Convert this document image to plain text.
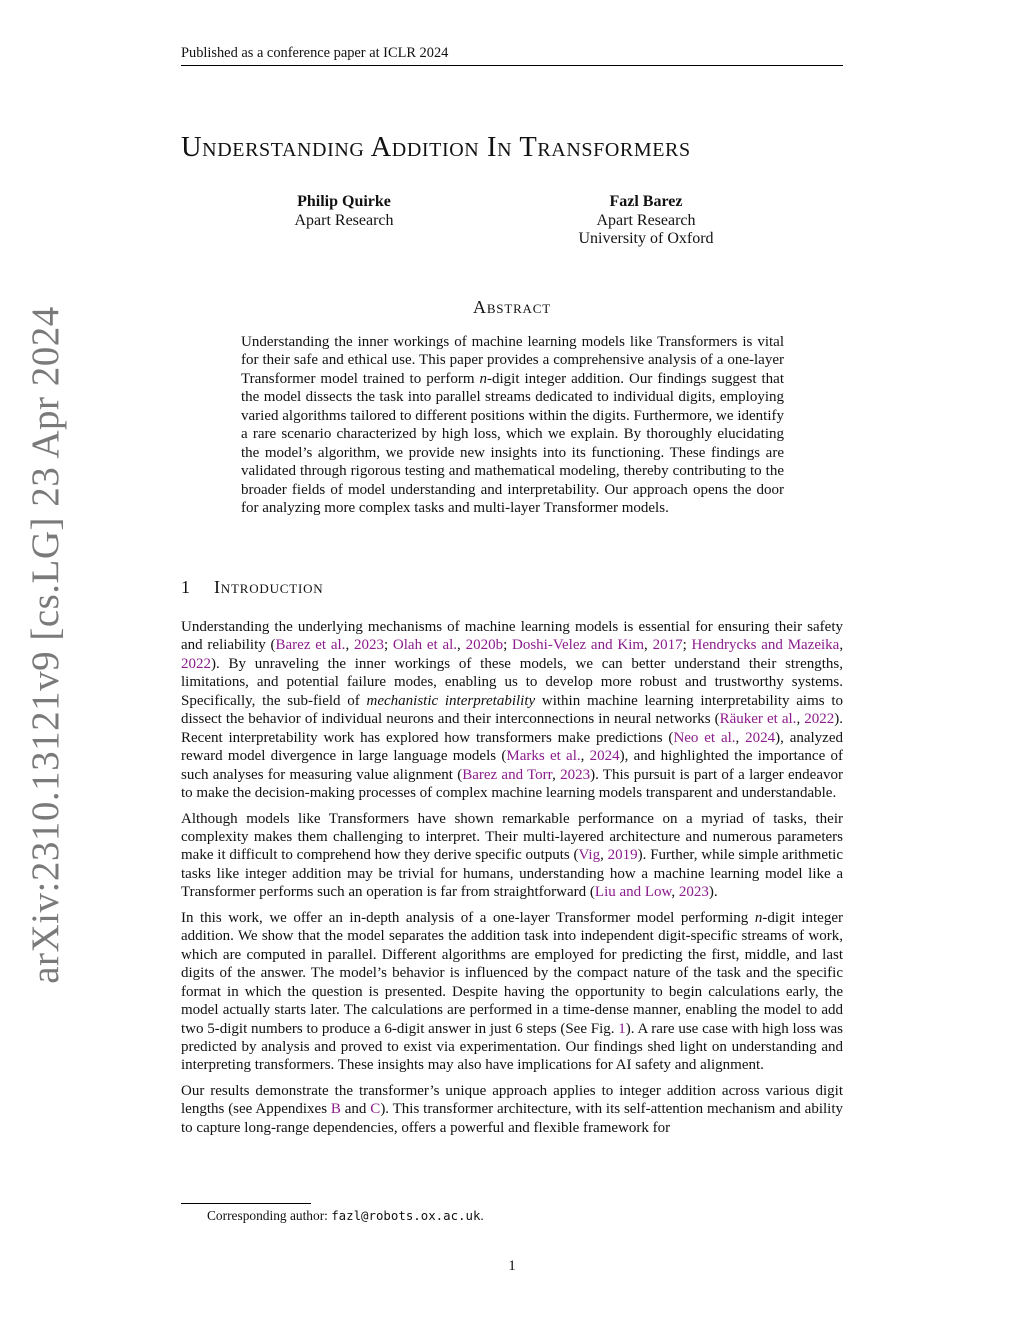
Published as a conference paper at ICLR 2024
arXiv:2310.13121v9 [cs.LG] 23 Apr 2024
Understanding Addition In Transformers
Philip Quirke
Apart Research
Fazl Barez
Apart Research
University of Oxford
Abstract
Understanding the inner workings of machine learning models like Transformers is vital for their safe and ethical use. This paper provides a comprehensive analysis of a one-layer Transformer model trained to perform n-digit integer addition. Our findings suggest that the model dissects the task into parallel streams dedicated to individual digits, employing varied algorithms tailored to different positions within the digits. Furthermore, we identify a rare scenario characterized by high loss, which we explain. By thoroughly elucidating the model’s algorithm, we provide new insights into its functioning. These findings are validated through rigorous testing and mathematical modeling, thereby contributing to the broader fields of model understanding and interpretability. Our approach opens the door for analyzing more complex tasks and multi-layer Transformer models.
1 Introduction

Understanding the underlying mechanisms of machine learning models is essential for ensuring their safety and reliability (Barez et al., 2023; Olah et al., 2020b; Doshi-Velez and Kim, 2017; Hendrycks and Mazeika, 2022). By unraveling the inner workings of these models, we can better understand their strengths, limitations, and potential failure modes, enabling us to develop more robust and trustworthy systems. Specifically, the sub-field of mechanistic interpretability within machine learning interpretability aims to dissect the behavior of individual neurons and their interconnections in neural networks (Räuker et al., 2022). Recent interpretability work has explored how transformers make predictions (Neo et al., 2024), analyzed reward model divergence in large language models (Marks et al., 2024), and highlighted the importance of such analyses for measuring value alignment (Barez and Torr, 2023). This pursuit is part of a larger endeavor to make the decision-making processes of complex machine learning models transparent and understandable.

Although models like Transformers have shown remarkable performance on a myriad of tasks, their complexity makes them challenging to interpret. Their multi-layered architecture and numerous parameters make it difficult to comprehend how they derive specific outputs (Vig, 2019). Further, while simple arithmetic tasks like integer addition may be trivial for humans, understanding how a machine learning model like a Transformer performs such an operation is far from straightforward (Liu and Low, 2023).

In this work, we offer an in-depth analysis of a one-layer Transformer model performing n-digit integer addition. We show that the model separates the addition task into independent digit-specific streams of work, which are computed in parallel. Different algorithms are employed for predicting the first, middle, and last digits of the answer. The model’s behavior is influenced by the compact nature of the task and the specific format in which the question is presented. Despite having the opportunity to begin calculations early, the model actually starts later. The calculations are performed in a time-dense manner, enabling the model to add two 5-digit numbers to produce a 6-digit answer in just 6 steps (See Fig. 1). A rare use case with high loss was predicted by analysis and proved to exist via experimentation. Our findings shed light on understanding and interpreting transformers. These insights may also have implications for AI safety and alignment.

Our results demonstrate the transformer’s unique approach applies to integer addition across various digit lengths (see Appendixes B and C). This transformer architecture, with its self-attention mechanism and ability to capture long-range dependencies, offers a powerful and flexible framework for

Corresponding author: fazl@robots.ox.ac.uk.
1
